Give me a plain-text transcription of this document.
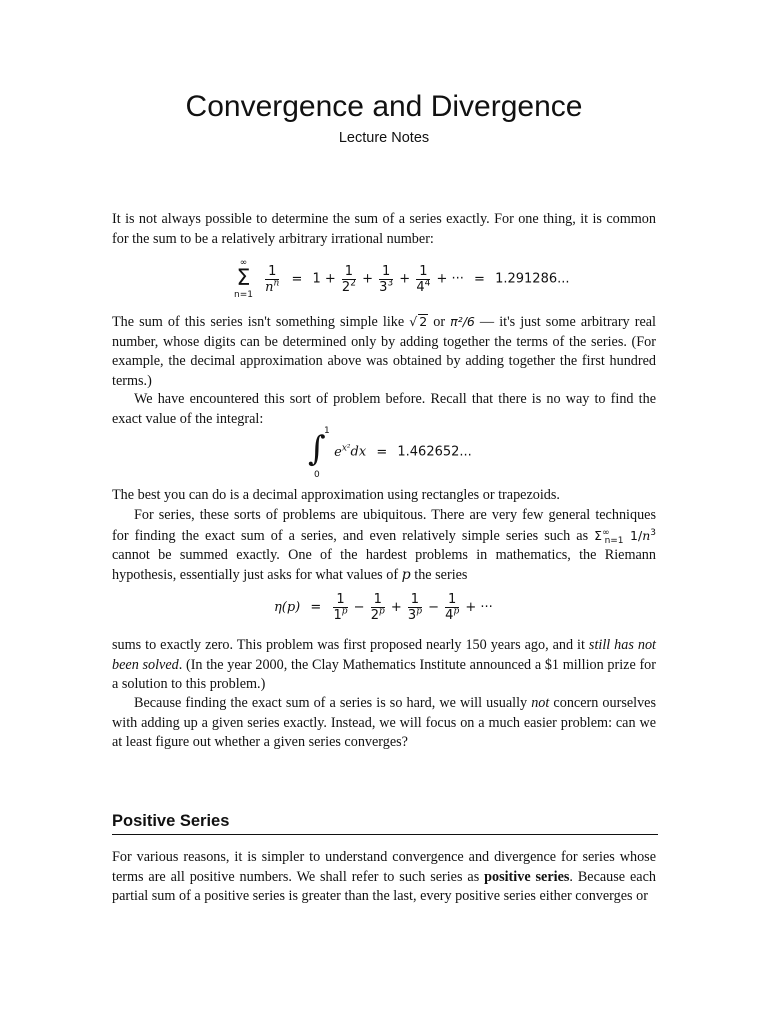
Convergence and Divergence
Lecture Notes

It is not always possible to determine the sum of a series exactly. For one thing, it is common for the sum to be a relatively arbitrary irrational number:

∞
Σ
n=1

$\frac{1}{n^n} = 1 + \frac{1}{2^2} + \frac{1}{3^3} + \frac{1}{4^4}$ + ··· = 1.291286...

The sum of this series isn't something simple like √ 2 or π²/6 — it's just some arbitrary real number, whose digits can be determined only by adding together the terms of the series. (For example, the decimal approximation above was obtained by adding together the first hundred terms.)

We have encountered this sort of problem before. Recall that there is no way to find the exact value of the integral:

∫
1
0
$e^{x^2}dx = 1.462652$...

The best you can do is a decimal approximation using rectangles or trapezoids.

For series, these sorts of problems are ubiquitous. There are very few general techniques for finding the exact sum of a series, and even relatively simple series such as $\Sigma^\infty_{n=1}$ $1/n^3$ cannot be summed exactly. One of the hardest problems in mathematics, the Riemann hypothesis, essentially just asks for what values of p the series

$\eta(p) = \frac{1}{1^p} - \frac{1}{2^p} + \frac{1}{3^p} - \frac{1}{4^p}$ + ···

sums to exactly zero. This problem was first proposed nearly 150 years ago, and it still has not been solved. (In the year 2000, the Clay Mathematics Institute announced a $1 million prize for a solution to this problem.)

Because finding the exact sum of a series is so hard, we will usually not concern ourselves with adding up a given series exactly. Instead, we will focus on a much easier problem: can we at least figure out whether a given series converges?

Positive Series

For various reasons, it is simpler to understand convergence and divergence for series whose terms are all positive numbers. We shall refer to such series as positive series. Because each partial sum of a positive series is greater than the last, every positive series either converges or
